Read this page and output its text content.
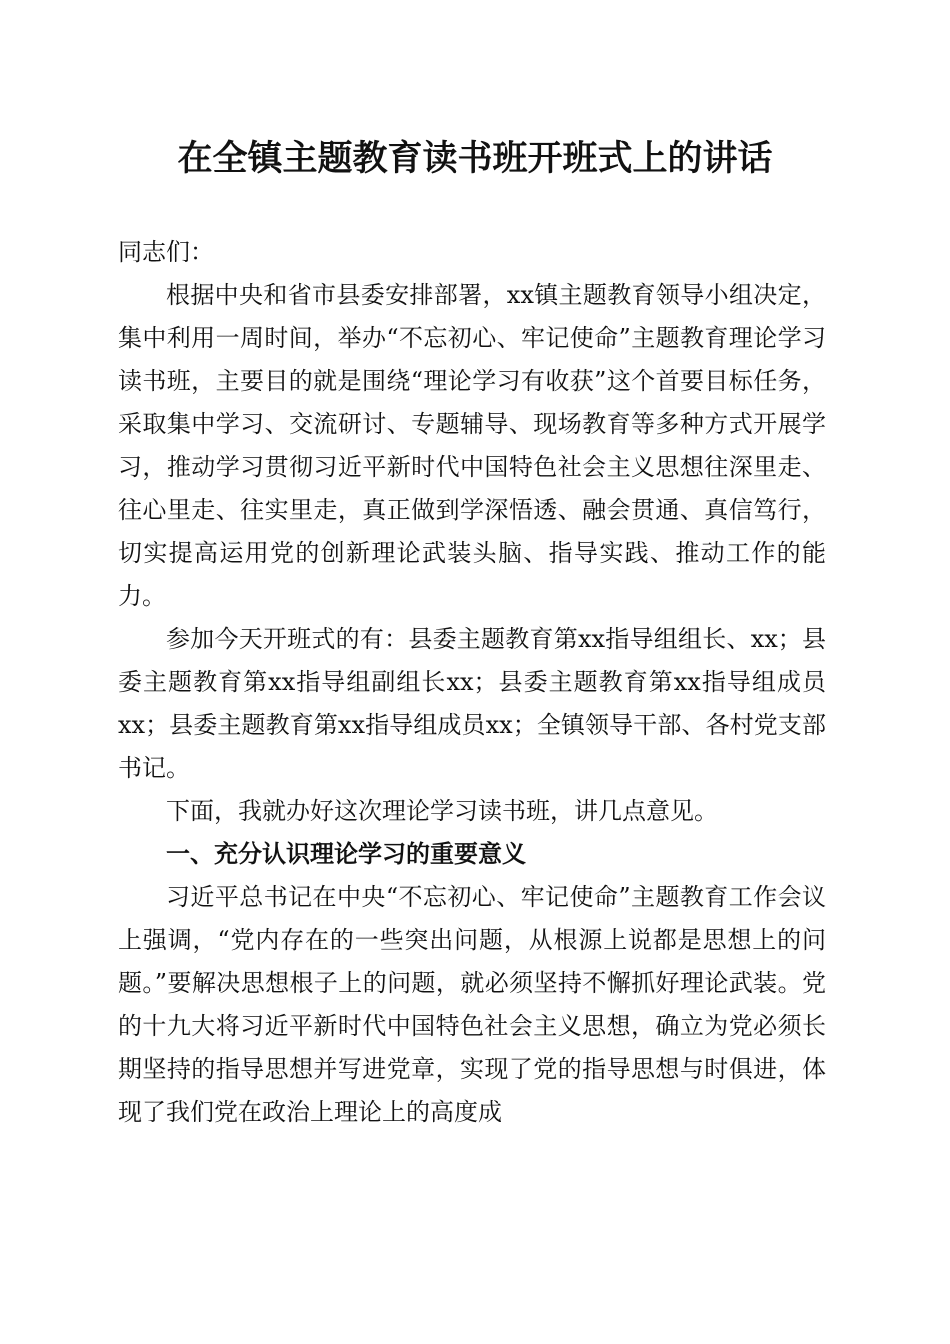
在全镇主题教育读书班开班式上的讲话

同志们：

根据中央和省市县委安排部署，xx镇主题教育领导小组决定，集中利用一周时间，举办“不忘初心、牢记使命”主题教育理论学习读书班，主要目的就是围绕“理论学习有收获”这个首要目标任务，采取集中学习、交流研讨、专题辅导、现场教育等多种方式开展学习，推动学习贯彻习近平新时代中国特色社会主义思想往深里走、往心里走、往实里走，真正做到学深悟透、融会贯通、真信笃行，切实提高运用党的创新理论武装头脑、指导实践、推动工作的能力。

参加今天开班式的有：县委主题教育第xx指导组组长、xx；县委主题教育第xx指导组副组长xx；县委主题教育第xx指导组成员xx；县委主题教育第xx指导组成员xx；全镇领导干部、各村党支部书记。

下面，我就办好这次理论学习读书班，讲几点意见。

一、充分认识理论学习的重要意义

习近平总书记在中央“不忘初心、牢记使命”主题教育工作会议上强调，“党内存在的一些突出问题，从根源上说都是思想上的问题。”要解决思想根子上的问题，就必须坚持不懈抓好理论武装。党的十九大将习近平新时代中国特色社会主义思想，确立为党必须长期坚持的指导思想并写进党章，实现了党的指导思想与时俱进，体现了我们党在政治上理论上的高度成
